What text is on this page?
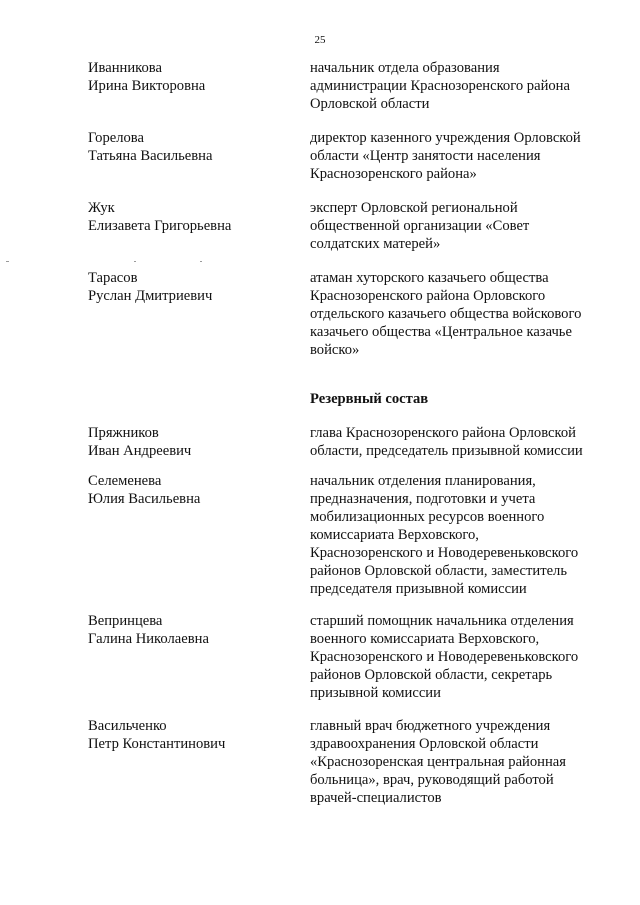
25
Иванникова
Ирина Викторовна
начальник отдела образования
администрации Краснозоренского района
Орловской области
Горелова
Татьяна Васильевна
директор казенного учреждения Орловской
области «Центр занятости населения
Краснозоренского района»
Жук
Елизавета Григорьевна
эксперт Орловской региональной
общественной организации «Совет
солдатских матерей»
Тарасов
Руслан Дмитриевич
атаман хуторского казачьего общества
Краснозоренского района Орловского
отдельского казачьего общества войскового
казачьего общества «Центральное казачье
войско»
Резервный состав
Пряжников
Иван Андреевич
глава Краснозоренского района Орловской
области, председатель призывной комиссии
Селеменева
Юлия Васильевна
начальник отделения планирования,
предназначения, подготовки и учета
мобилизационных ресурсов военного
комиссариата Верховского,
Краснозоренского и Новодеревеньковского
районов Орловской области, заместитель
председателя призывной комиссии
Вепринцева
Галина Николаевна
старший помощник начальника отделения
военного комиссариата Верховского,
Краснозоренского и Новодеревеньковского
районов Орловской области, секретарь
призывной комиссии
Васильченко
Петр Константинович
главный врач бюджетного учреждения
здравоохранения Орловской области
«Краснозоренская центральная районная
больница», врач, руководящий работой
врачей-специалистов
